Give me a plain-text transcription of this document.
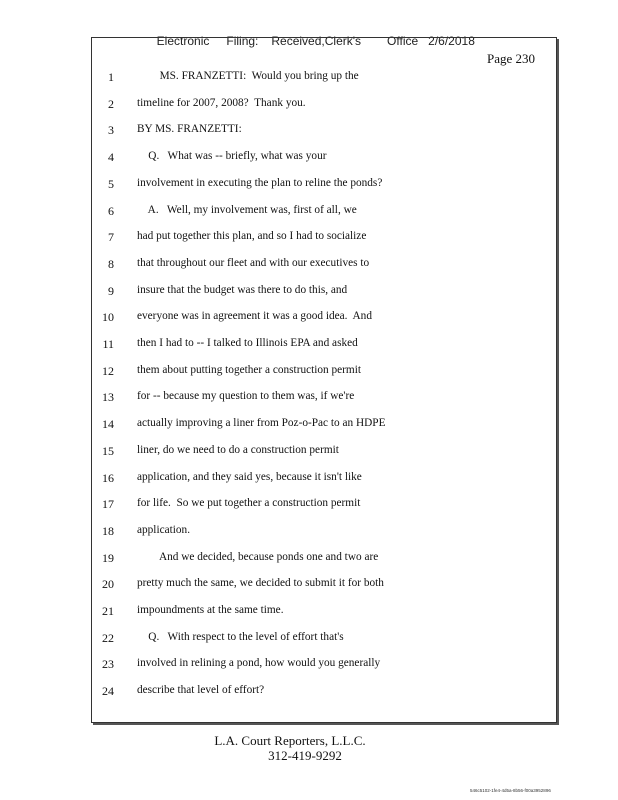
Electronic Filing: Received,Clerk's Office 2/6/2018

Page 230
1 MS. FRANZETTI:  Would you bring up the
2 timeline for 2007, 2008?  Thank you.
3 BY MS. FRANZETTI:
4 Q.   What was -- briefly, what was your
5 involvement in executing the plan to reline the ponds?
6 A.   Well, my involvement was, first of all, we
7 had put together this plan, and so I had to socialize
8 that throughout our fleet and with our executives to
9 insure that the budget was there to do this, and
10 everyone was in agreement it was a good idea.  And
11 then I had to -- I talked to Illinois EPA and asked
12 them about putting together a construction permit
13 for -- because my question to them was, if we're
14 actually improving a liner from Poz-o-Pac to an HDPE
15 liner, do we need to do a construction permit
16 application, and they said yes, because it isn't like
17 for life.  So we put together a construction permit
18 application.
19 And we decided, because ponds one and two are
20 pretty much the same, we decided to submit it for both
21 impoundments at the same time.
22 Q.   With respect to the level of effort that's
23 involved in relining a pond, how would you generally
24 describe that level of effort?
L.A. Court Reporters, L.L.C.
312-419-9292
546c5102-1fe4-4d5a-8b56-f00a3952896
